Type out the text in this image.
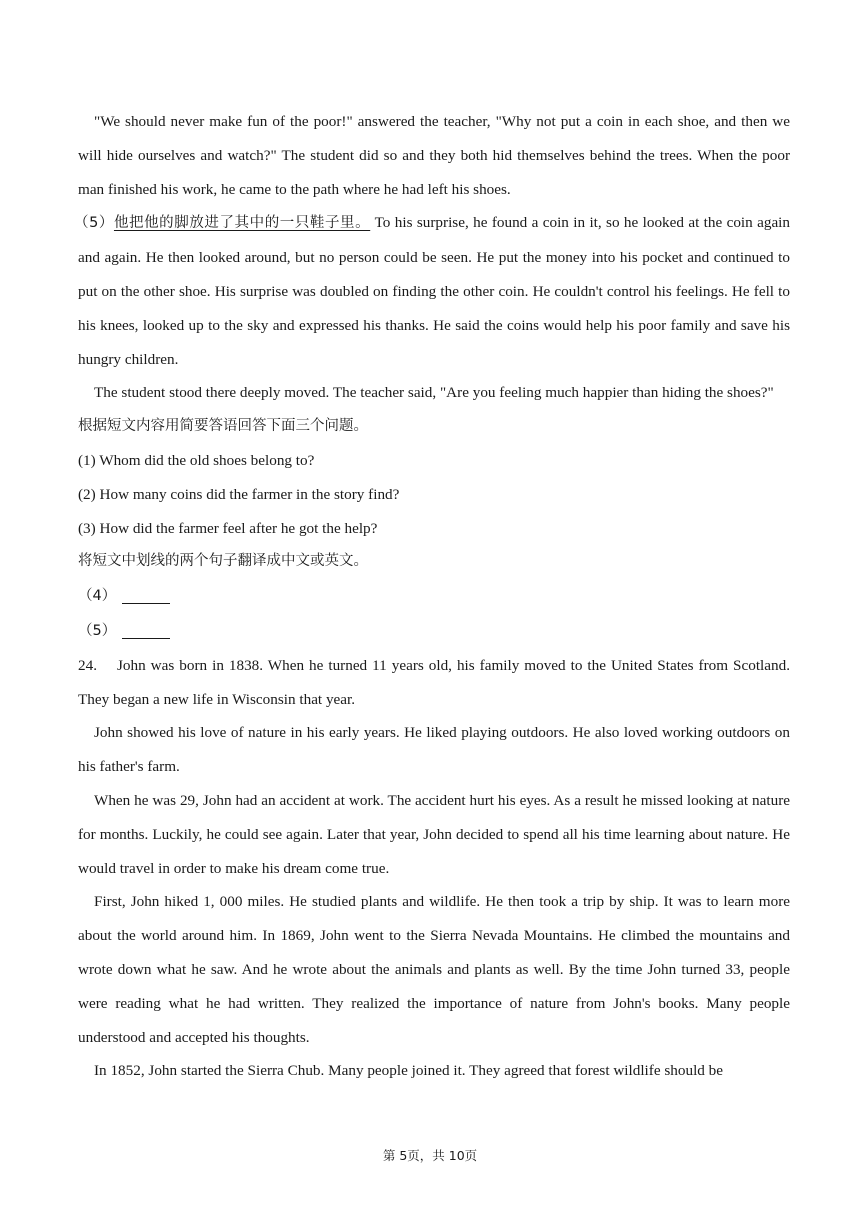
"We should never make fun of the poor!" answered the teacher, "Why not put a coin in each shoe, and then we will hide ourselves and watch?" The student did so and they both hid themselves behind the trees. When the poor man finished his work, he came to the path where he had left his shoes.

（5）他把他的脚放进了其中的一只鞋子里。 To his surprise, he found a coin in it, so he looked at the coin again and again. He then looked around, but no person could be seen. He put the money into his pocket and continued to put on the other shoe. His surprise was doubled on finding the other coin. He couldn't control his feelings. He fell to his knees, looked up to the sky and expressed his thanks. He said the coins would help his poor family and save his hungry children.

The student stood there deeply moved. The teacher said, "Are you feeling much happier than hiding the shoes?"

根据短文内容用简要答语回答下面三个问题。

(1) Whom did the old shoes belong to?

(2) How many coins did the farmer in the story find?

(3) How did the farmer feel after he got the help?

将短文中划线的两个句子翻译成中文或英文。

（4）

（5）

24. John was born in 1838. When he turned 11 years old, his family moved to the United States from Scotland. They began a new life in Wisconsin that year.

John showed his love of nature in his early years. He liked playing outdoors. He also loved working outdoors on his father's farm.

When he was 29, John had an accident at work. The accident hurt his eyes. As a result he missed looking at nature for months. Luckily, he could see again. Later that year, John decided to spend all his time learning about nature. He would travel in order to make his dream come true.

First, John hiked 1, 000 miles. He studied plants and wildlife. He then took a trip by ship. It was to learn more about the world around him. In 1869, John went to the Sierra Nevada Mountains. He climbed the mountains and wrote down what he saw. And he wrote about the animals and plants as well. By the time John turned 33, people were reading what he had written. They realized the importance of nature from John's books. Many people understood and accepted his thoughts.

In 1852, John started the Sierra Chub. Many people joined it. They agreed that forest wildlife should be

第 5页，共 10页
